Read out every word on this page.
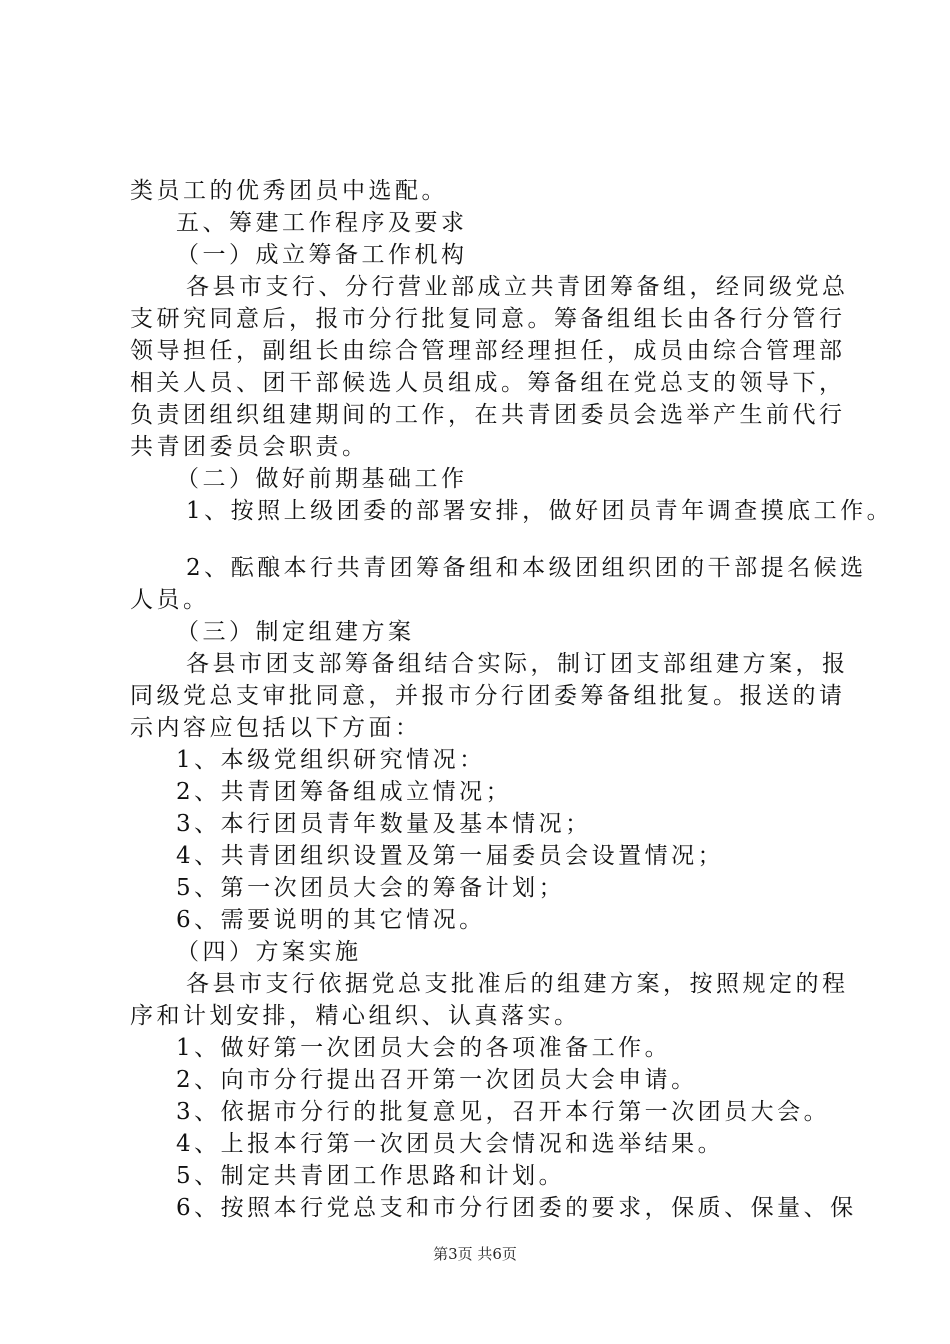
类员工的优秀团员中选配。
五、筹建工作程序及要求
（一）成立筹备工作机构
各县市支行、分行营业部成立共青团筹备组，经同级党总
支研究同意后，报市分行批复同意。筹备组组长由各行分管行
领导担任，副组长由综合管理部经理担任，成员由综合管理部
相关人员、团干部候选人员组成。筹备组在党总支的领导下，
负责团组织组建期间的工作，在共青团委员会选举产生前代行
共青团委员会职责。
（二）做好前期基础工作
1、按照上级团委的部署安排，做好团员青年调查摸底工作。
2、酝酿本行共青团筹备组和本级团组织团的干部提名候选
人员。
（三）制定组建方案
各县市团支部筹备组结合实际，制订团支部组建方案，报
同级党总支审批同意，并报市分行团委筹备组批复。报送的请
示内容应包括以下方面：
1、本级党组织研究情况：
2、共青团筹备组成立情况；
3、本行团员青年数量及基本情况；
4、共青团组织设置及第一届委员会设置情况；
5、第一次团员大会的筹备计划；
6、需要说明的其它情况。
（四）方案实施
各县市支行依据党总支批准后的组建方案，按照规定的程
序和计划安排，精心组织、认真落实。
1、做好第一次团员大会的各项准备工作。
2、向市分行提出召开第一次团员大会申请。
3、依据市分行的批复意见，召开本行第一次团员大会。
4、上报本行第一次团员大会情况和选举结果。
5、制定共青团工作思路和计划。
6、按照本行党总支和市分行团委的要求，保质、保量、保
第3页 共6页
